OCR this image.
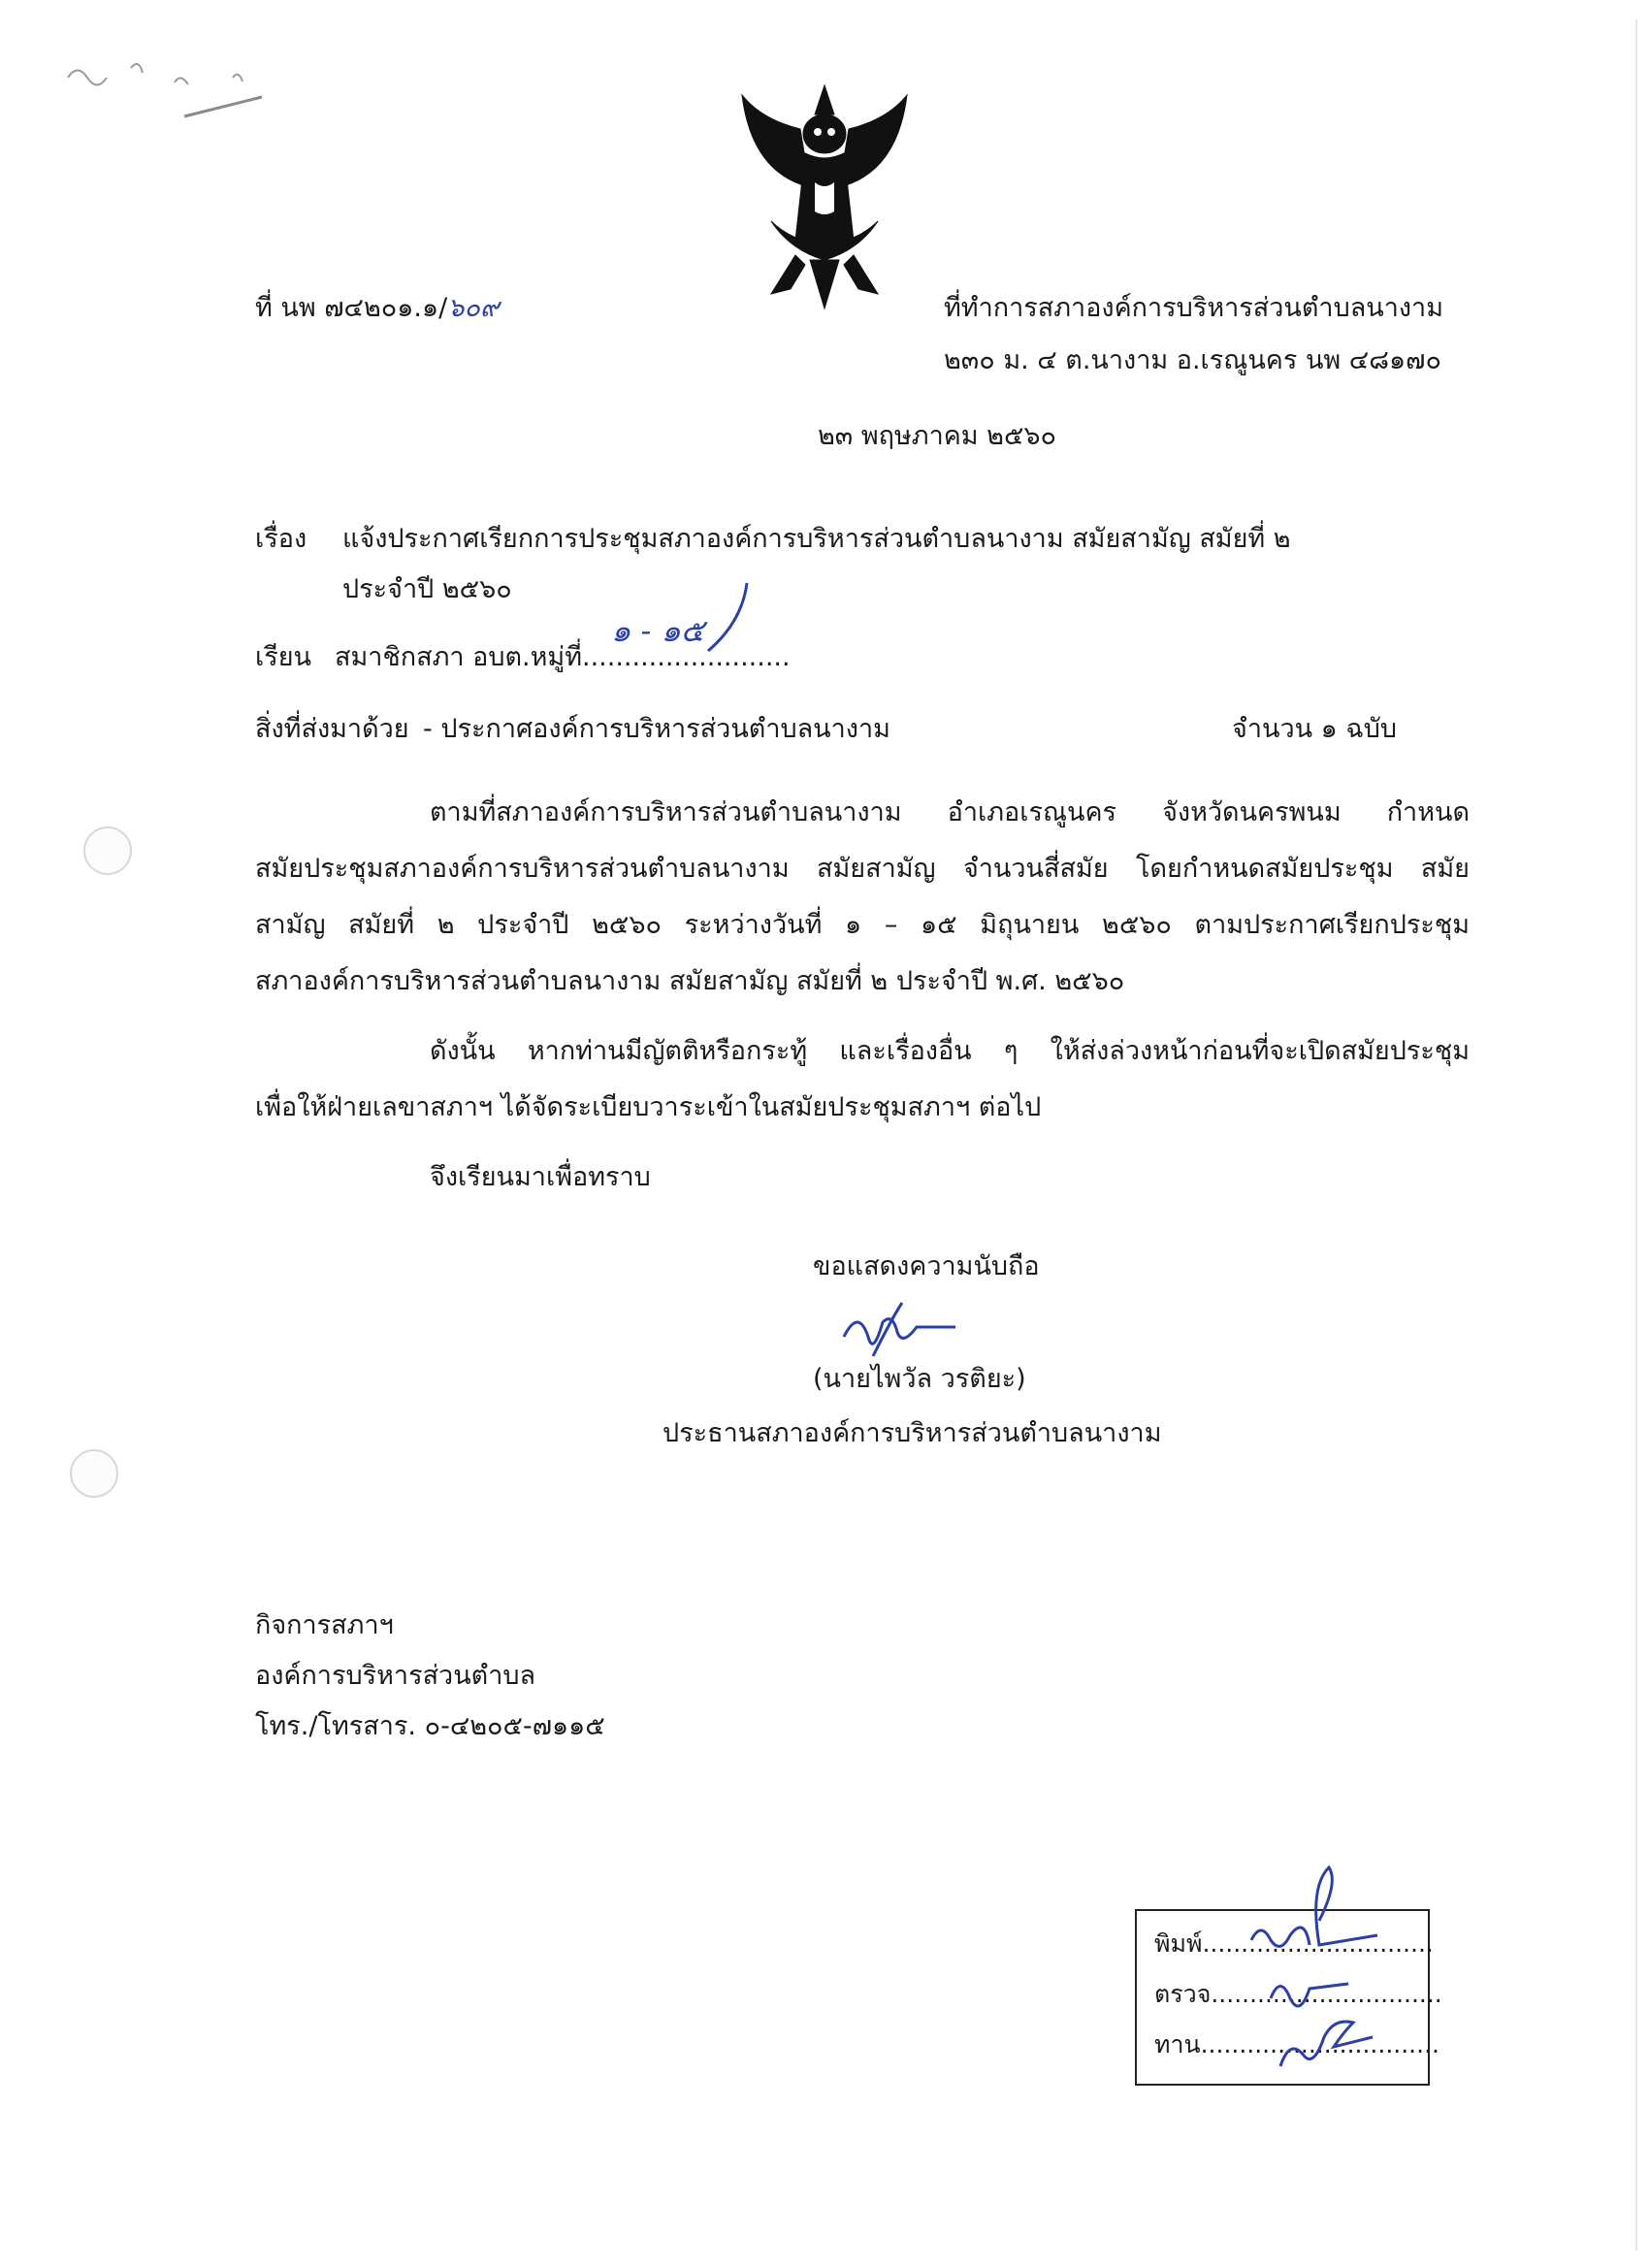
ที่ นพ ๗๔๒๐๑.๑/๖๐๙	ที่ทำการสภาองค์การบริหารส่วนตำบลนางาม
๒๓๐ ม. ๔ ต.นางาม อ.เรณูนคร นพ ๔๘๑๗๐
๒๓ พฤษภาคม ๒๕๖๐
เรื่อง แจ้งประกาศเรียกการประชุมสภาองค์การบริหารส่วนตำบลนางาม สมัยสามัญ สมัยที่ ๒
ประจำปี ๒๕๖๐
เรียน สมาชิกสภา อบต.หมู่ที่.........................
๑ - ๑๕
สิ่งที่ส่งมาด้วย - ประกาศองค์การบริหารส่วนตำบลนางาม	จำนวน ๑ ฉบับ
ตามที่สภาองค์การบริหารส่วนตำบลนางาม อำเภอเรณูนคร จังหวัดนครพนม กำหนด
สมัยประชุมสภาองค์การบริหารส่วนตำบลนางาม สมัยสามัญ จำนวนสี่สมัย โดยกำหนดสมัยประชุม สมัย
สามัญ สมัยที่ ๒ ประจำปี ๒๕๖๐ ระหว่างวันที่ ๑ – ๑๕ มิถุนายน ๒๕๖๐ ตามประกาศเรียกประชุม
สภาองค์การบริหารส่วนตำบลนางาม สมัยสามัญ สมัยที่ ๒ ประจำปี พ.ศ. ๒๕๖๐
ดังนั้น หากท่านมีญัตติหรือกระทู้ และเรื่องอื่น ๆ ให้ส่งล่วงหน้าก่อนที่จะเปิดสมัยประชุม
เพื่อให้ฝ่ายเลขาสภาฯ ได้จัดระเบียบวาระเข้าในสมัยประชุมสภาฯ ต่อไป
จึงเรียนมาเพื่อทราบ
ขอแสดงความนับถือ
(นายไพวัล วรติยะ)
ประธานสภาองค์การบริหารส่วนตำบลนางาม
กิจการสภาฯ
องค์การบริหารส่วนตำบล
โทร./โทรสาร. ๐-๔๒๐๕-๗๑๑๕
พิมพ์..............................
ตรวจ..............................
ทาน...............................
